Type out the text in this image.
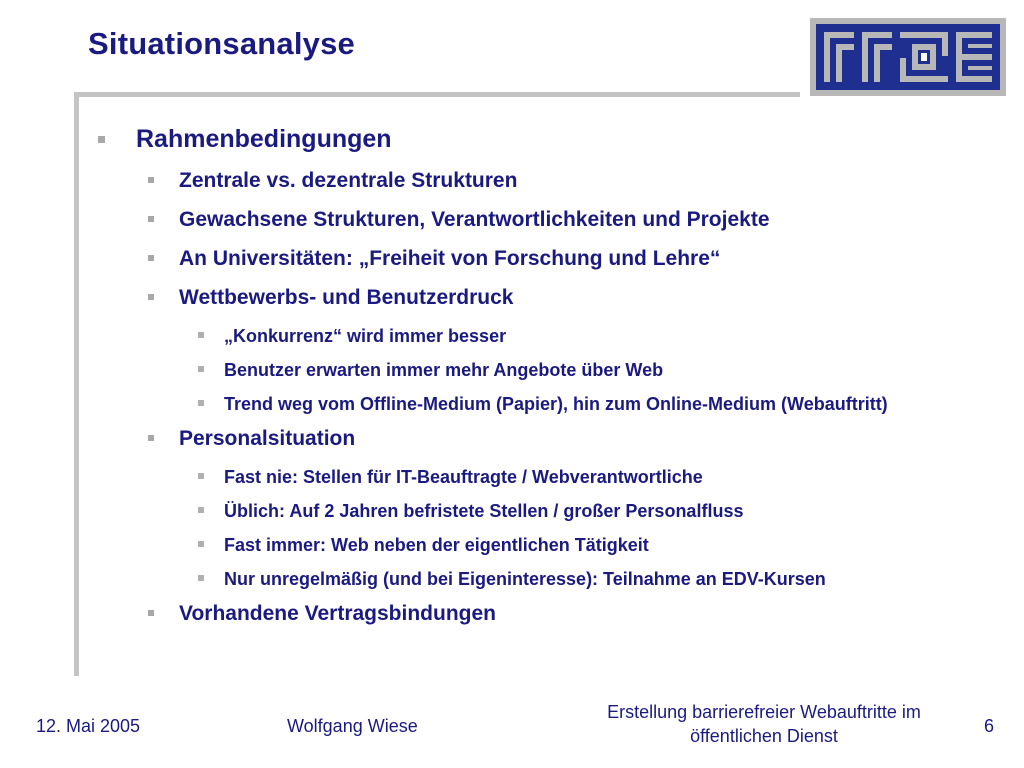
Situationsanalyse
Rahmenbedingungen
Zentrale vs. dezentrale Strukturen
Gewachsene Strukturen, Verantwortlichkeiten und Projekte
An Universitäten: „Freiheit von Forschung und Lehre“
Wettbewerbs- und Benutzerdruck
„Konkurrenz“ wird immer besser
Benutzer erwarten immer mehr Angebote über Web
Trend weg vom Offline-Medium (Papier), hin zum Online-Medium (Webauftritt)
Personalsituation
Fast nie: Stellen für IT-Beauftragte / Webverantwortliche
Üblich: Auf 2 Jahren befristete Stellen / großer Personalfluss
Fast immer: Web neben der eigentlichen Tätigkeit
Nur unregelmäßig (und bei Eigeninteresse): Teilnahme an EDV-Kursen
Vorhandene Vertragsbindungen
12. Mai 2005	Wolfgang Wiese
Erstellung barrierefreier Webauftritte im
öffentlichen Dienst	6
